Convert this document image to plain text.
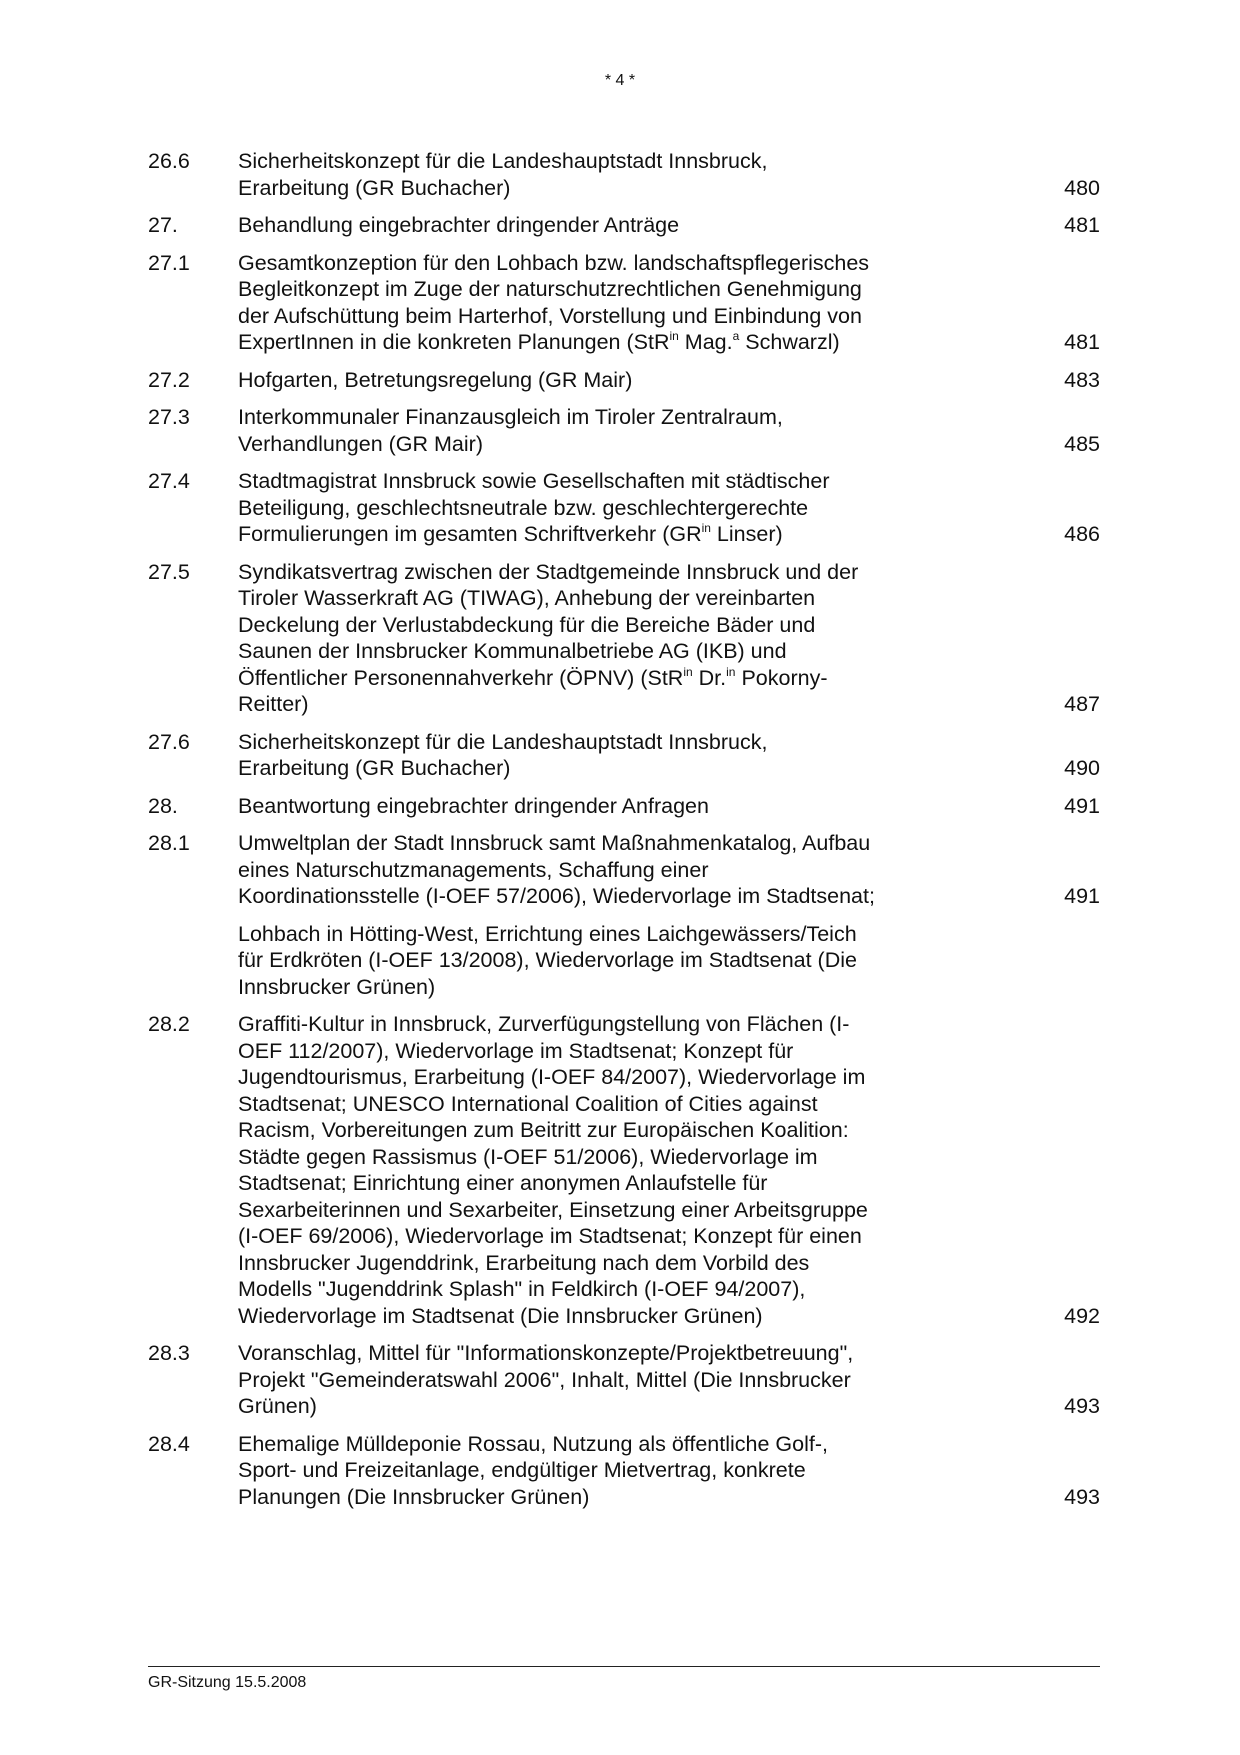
* 4 *
26.6	Sicherheitskonzept für die Landeshauptstadt Innsbruck,
Erarbeitung (GR Buchacher)	480
27.	Behandlung eingebrachter dringender Anträge	481
27.1	Gesamtkonzeption für den Lohbach bzw. landschaftspflegerisches
Begleitkonzept im Zuge der naturschutzrechtlichen Genehmigung
der Aufschüttung beim Harterhof, Vorstellung und Einbindung von
ExpertInnen in die konkreten Planungen (StR$^{in}$ Mag.$^a$ Schwarzl)	481
27.2	Hofgarten, Betretungsregelung (GR Mair)	483
27.3	Interkommunaler Finanzausgleich im Tiroler Zentralraum,
Verhandlungen (GR Mair)	485
27.4	Stadtmagistrat Innsbruck sowie Gesellschaften mit städtischer
Beteiligung, geschlechtsneutrale bzw. geschlechtergerechte
Formulierungen im gesamten Schriftverkehr ($GR^{in}$ Linser)	486
27.5	Syndikatsvertrag zwischen der Stadtgemeinde Innsbruck und der
Tiroler Wasserkraft AG (TIWAG), Anhebung der vereinbarten
Deckelung der Verlustabdeckung für die Bereiche Bäder und
Saunen der Innsbrucker Kommunalbetriebe AG (IKB) und
Öffentlicher Personennahverkehr (ÖPNV) (StR$^{in}$ Dr.$^{in}$ Pokorny-
Reitter)	487
27.6	Sicherheitskonzept für die Landeshauptstadt Innsbruck,
Erarbeitung (GR Buchacher)	490
28.	Beantwortung eingebrachter dringender Anfragen	491
28.1	Umweltplan der Stadt Innsbruck samt Maßnahmenkatalog, Aufbau
eines Naturschutzmanagements, Schaffung einer
Koordinationsstelle (I-OEF 57/2006), Wiedervorlage im Stadtsenat;	491
Lohbach in Hötting-West, Errichtung eines Laichgewässers/Teich
für Erdkröten (I-OEF 13/2008), Wiedervorlage im Stadtsenat (Die
Innsbrucker Grünen)
28.2	Graffiti-Kultur in Innsbruck, Zurverfügungstellung von Flächen (I-
OEF 112/2007), Wiedervorlage im Stadtsenat; Konzept für
Jugendtourismus, Erarbeitung (I-OEF 84/2007), Wiedervorlage im
Stadtsenat; UNESCO International Coalition of Cities against
Racism, Vorbereitungen zum Beitritt zur Europäischen Koalition:
Städte gegen Rassismus (I-OEF 51/2006), Wiedervorlage im
Stadtsenat; Einrichtung einer anonymen Anlaufstelle für
Sexarbeiterinnen und Sexarbeiter, Einsetzung einer Arbeitsgruppe
(I-OEF 69/2006), Wiedervorlage im Stadtsenat; Konzept für einen
Innsbrucker Jugenddrink, Erarbeitung nach dem Vorbild des
Modells "Jugenddrink Splash" in Feldkirch (I-OEF 94/2007),
Wiedervorlage im Stadtsenat (Die Innsbrucker Grünen)	492
28.3	Voranschlag, Mittel für "Informationskonzepte/Projektbetreuung",
Projekt "Gemeinderatswahl 2006", Inhalt, Mittel (Die Innsbrucker
Grünen)	493
28.4	Ehemalige Mülldeponie Rossau, Nutzung als öffentliche Golf-,
Sport- und Freizeitanlage, endgültiger Mietvertrag, konkrete
Planungen (Die Innsbrucker Grünen)	493
GR-Sitzung 15.5.2008
